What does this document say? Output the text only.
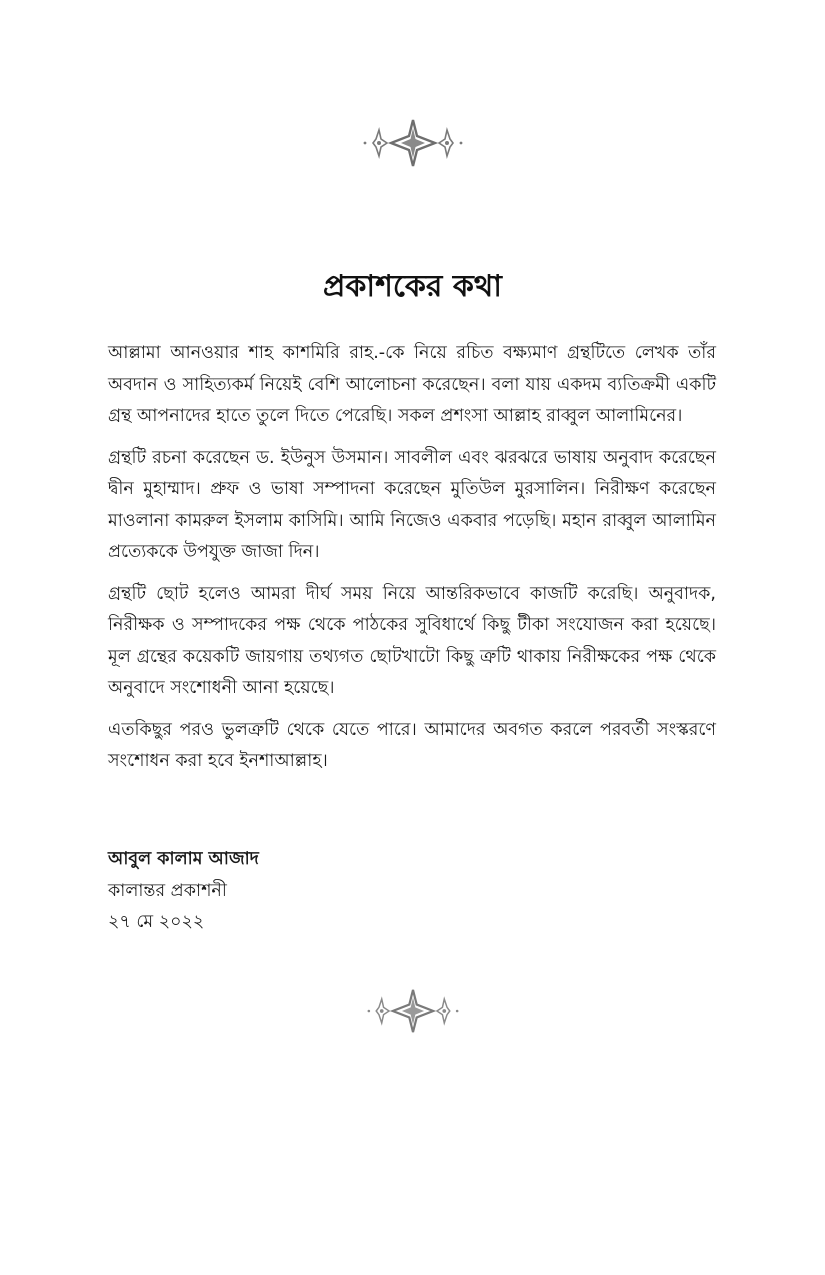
প্রকাশকের কথা

আল্লামা আনওয়ার শাহ কাশমিরি রাহ.-কে নিয়ে রচিত বক্ষ্যমাণ গ্রন্থটিতে লেখক তাঁর অবদান ও সাহিত্যকর্ম নিয়েই বেশি আলোচনা করেছেন। বলা যায় একদম ব্যতিক্রমী একটি গ্রন্থ আপনাদের হাতে তুলে দিতে পেরেছি। সকল প্রশংসা আল্লাহ রাব্বুল আলামিনের।

গ্রন্থটি রচনা করেছেন ড. ইউনুস উসমান। সাবলীল এবং ঝরঝরে ভাষায় অনুবাদ করেছেন দ্বীন মুহাম্মাদ। প্রুফ ও ভাষা সম্পাদনা করেছেন মুতিউল মুরসালিন। নিরীক্ষণ করেছেন মাওলানা কামরুল ইসলাম কাসিমি। আমি নিজেও একবার পড়েছি। মহান রাব্বুল আলামিন প্রত্যেককে উপযুক্ত জাজা দিন।

গ্রন্থটি ছোট হলেও আমরা দীর্ঘ সময় নিয়ে আন্তরিকভাবে কাজটি করেছি। অনুবাদক, নিরীক্ষক ও সম্পাদকের পক্ষ থেকে পাঠকের সুবিধার্থে কিছু টীকা সংযোজন করা হয়েছে। মূল গ্রন্থের কয়েকটি জায়গায় তথ্যগত ছোটখাটো কিছু ত্রুটি থাকায় নিরীক্ষকের পক্ষ থেকে অনুবাদে সংশোধনী আনা হয়েছে।

এতকিছুর পরও ভুলত্রুটি থেকে যেতে পারে। আমাদের অবগত করলে পরবর্তী সংস্করণে সংশোধন করা হবে ইনশাআল্লাহ।

আবুল কালাম আজাদ
কালান্তর প্রকাশনী
২৭ মে ২০২২
